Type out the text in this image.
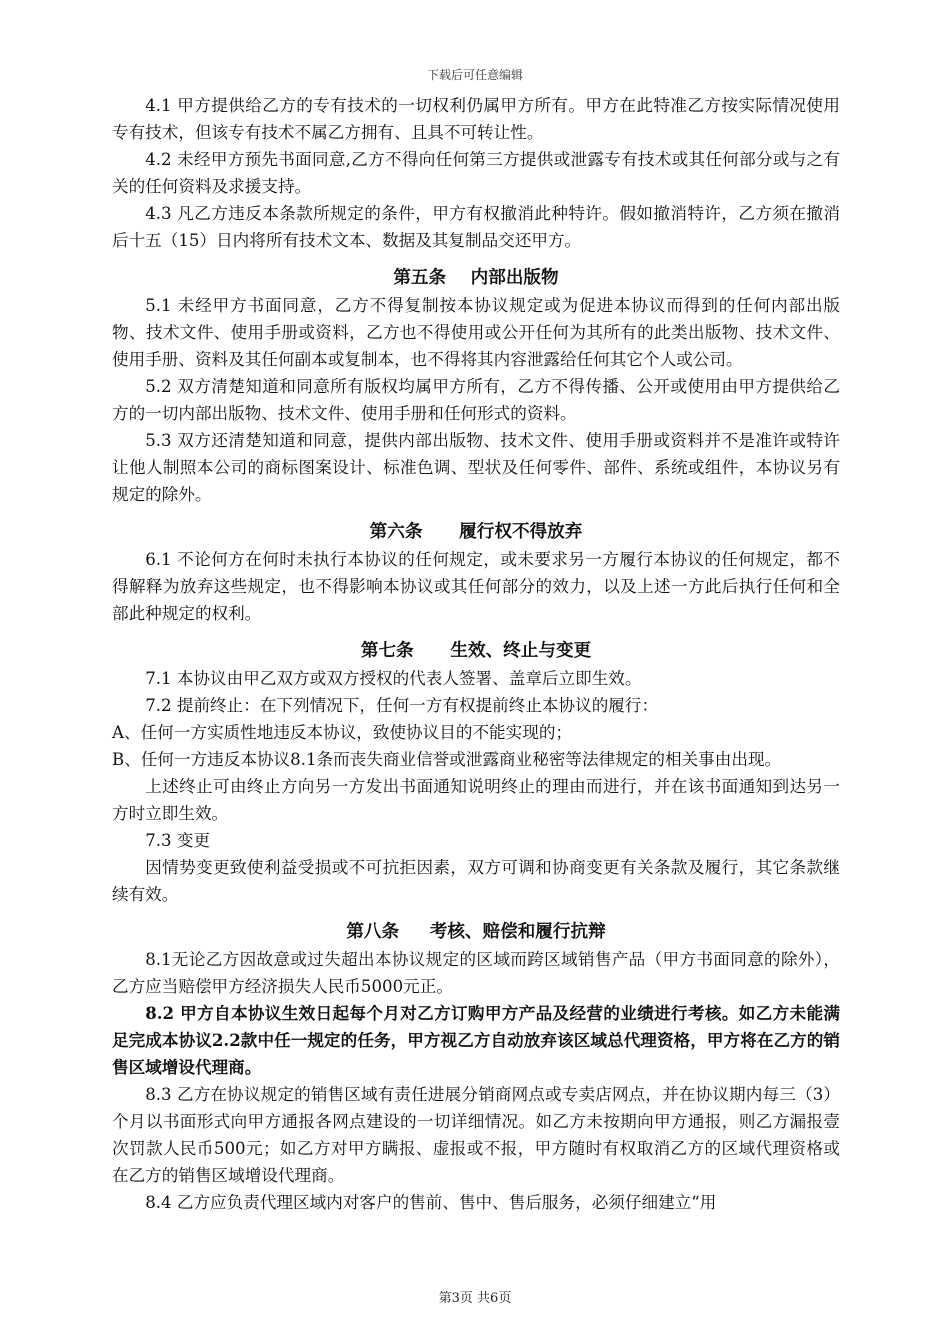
下载后可任意编辑

4.1 甲方提供给乙方的专有技术的一切权利仍属甲方所有。甲方在此特准乙方按实际情况使用专有技术，但该专有技术不属乙方拥有、且具不可转让性。

4.2 未经甲方预先书面同意,乙方不得向任何第三方提供或泄露专有技术或其任何部分或与之有关的任何资料及求援支持。

4.3 凡乙方违反本条款所规定的条件，甲方有权撤消此种特许。假如撤消特许，乙方须在撤消后十五（15）日内将所有技术文本、数据及其复制品交还甲方。

第五条    内部出版物

5.1 未经甲方书面同意，乙方不得复制按本协议规定或为促进本协议而得到的任何内部出版物、技术文件、使用手册或资料，乙方也不得使用或公开任何为其所有的此类出版物、技术文件、使用手册、资料及其任何副本或复制本，也不得将其内容泄露给任何其它个人或公司。

5.2 双方清楚知道和同意所有版权均属甲方所有，乙方不得传播、公开或使用由甲方提供给乙方的一切内部出版物、技术文件、使用手册和任何形式的资料。

5.3 双方还清楚知道和同意，提供内部出版物、技术文件、使用手册或资料并不是准许或特许让他人制照本公司的商标图案设计、标准色调、型状及任何零件、部件、系统或组件，本协议另有规定的除外。

第六条      履行权不得放弃

6.1 不论何方在何时未执行本协议的任何规定，或未要求另一方履行本协议的任何规定，都不得解释为放弃这些规定，也不得影响本协议或其任何部分的效力，以及上述一方此后执行任何和全部此种规定的权利。

第七条      生效、终止与变更

7.1 本协议由甲乙双方或双方授权的代表人签署、盖章后立即生效。

7.2 提前终止：在下列情况下，任何一方有权提前终止本协议的履行：

A、任何一方实质性地违反本协议，致使协议目的不能实现的；

B、任何一方违反本协议8.1条而丧失商业信誉或泄露商业秘密等法律规定的相关事由出现。

上述终止可由终止方向另一方发出书面通知说明终止的理由而进行，并在该书面通知到达另一方时立即生效。

7.3 变更

因情势变更致使利益受损或不可抗拒因素，双方可调和协商变更有关条款及履行，其它条款继续有效。

第八条     考核、赔偿和履行抗辩

8.1无论乙方因故意或过失超出本协议规定的区域而跨区域销售产品（甲方书面同意的除外），乙方应当赔偿甲方经济损失人民币5000元正。

8.2 甲方自本协议生效日起每个月对乙方订购甲方产品及经营的业绩进行考核。如乙方未能满足完成本协议2.2款中任一规定的任务，甲方视乙方自动放弃该区域总代理资格，甲方将在乙方的销售区域增设代理商。

8.3 乙方在协议规定的销售区域有责任进展分销商网点或专卖店网点，并在协议期内每三（3）个月以书面形式向甲方通报各网点建设的一切详细情况。如乙方未按期向甲方通报，则乙方漏报壹次罚款人民币500元；如乙方对甲方瞒报、虚报或不报，甲方随时有权取消乙方的区域代理资格或在乙方的销售区域增设代理商。

8.4 乙方应负责代理区域内对客户的售前、售中、售后服务，必须仔细建立“用

第3页 共6页
